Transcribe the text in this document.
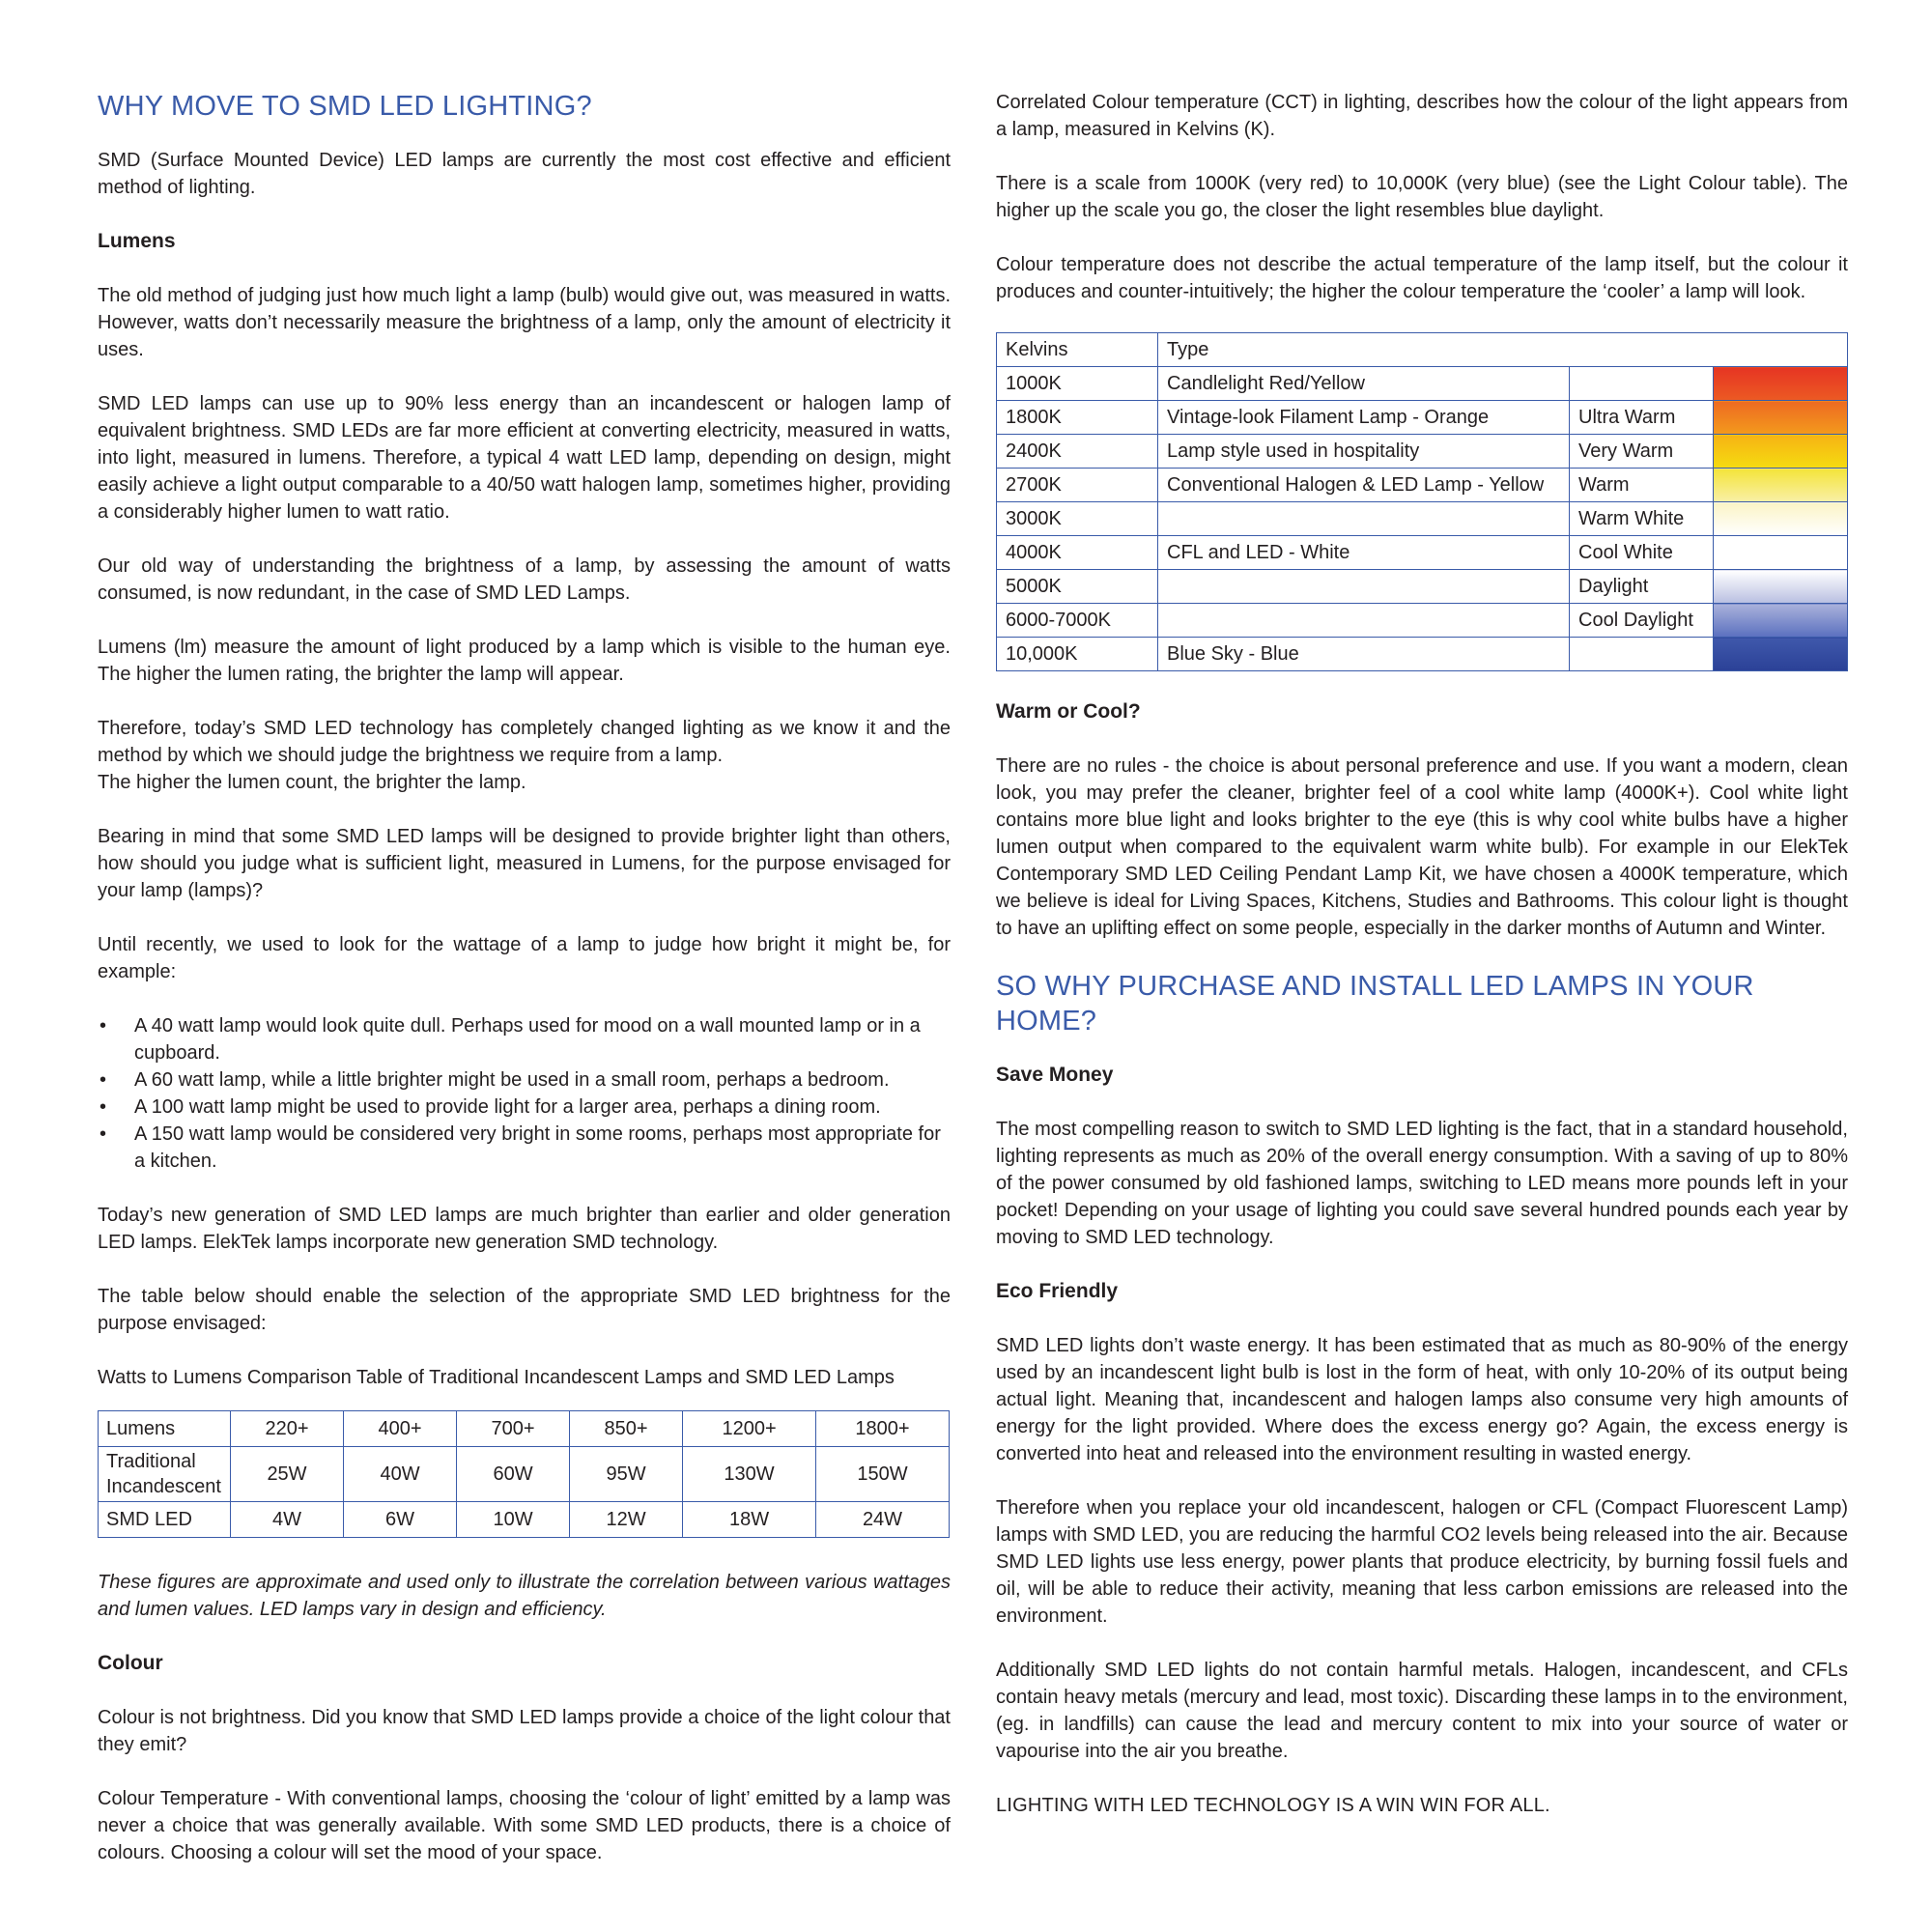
WHY MOVE TO SMD LED LIGHTING?

SMD (Surface Mounted Device) LED lamps are currently the most cost effective and efficient method of lighting.

Lumens

The old method of judging just how much light a lamp (bulb) would give out, was measured in watts. However, watts don’t necessarily measure the brightness of a lamp, only the amount of electricity it uses.

SMD LED lamps can use up to 90% less energy than an incandescent or halogen lamp of equivalent brightness. SMD LEDs are far more efficient at converting electricity, measured in watts, into light, measured in lumens. Therefore, a typical 4 watt LED lamp, depending on design, might easily achieve a light output comparable to a 40/50 watt halogen lamp, sometimes higher, providing a considerably higher lumen to watt ratio.

Our old way of understanding the brightness of a lamp, by assessing the amount of watts consumed, is now redundant, in the case of SMD LED Lamps.

Lumens (lm) measure the amount of light produced by a lamp which is visible to the human eye. The higher the lumen rating, the brighter the lamp will appear.

Therefore, today’s SMD LED technology has completely changed lighting as we know it and the method by which we should judge the brightness we require from a lamp.

The higher the lumen count, the brighter the lamp.

Bearing in mind that some SMD LED lamps will be designed to provide brighter light than others, how should you judge what is sufficient light, measured in Lumens, for the purpose envisaged for your lamp (lamps)?

Until recently, we used to look for the wattage of a lamp to judge how bright it might be, for example:

• A 40 watt lamp would look quite dull. Perhaps used for mood on a wall mounted lamp or in a cupboard.
• A 60 watt lamp, while a little brighter might be used in a small room, perhaps a bedroom.
• A 100 watt lamp might be used to provide light for a larger area, perhaps a dining room.
• A 150 watt lamp would be considered very bright in some rooms, perhaps most appropriate for a kitchen.

Today’s new generation of SMD LED lamps are much brighter than earlier and older generation LED lamps. ElekTek lamps incorporate new generation SMD technology.

The table below should enable the selection of the appropriate SMD LED brightness for the purpose envisaged:

Watts to Lumens Comparison Table of Traditional Incandescent Lamps and SMD LED Lamps
Lumens	220+	400+	700+	850+	1200+	1800+
Traditional Incandescent	25W	40W	60W	95W	130W	150W
SMD LED	4W	6W	10W	12W	18W	24W

These figures are approximate and used only to illustrate the correlation between various wattages and lumen values. LED lamps vary in design and efficiency.

Colour

Colour is not brightness. Did you know that SMD LED lamps provide a choice of the light colour that they emit?

Colour Temperature - With conventional lamps, choosing the ‘colour of light’ emitted by a lamp was never a choice that was generally available. With some SMD LED products, there is a choice of colours. Choosing a colour will set the mood of your space.

Correlated Colour temperature (CCT) in lighting, describes how the colour of the light appears from a lamp, measured in Kelvins (K).

There is a scale from 1000K (very red) to 10,000K (very blue) (see the Light Colour table). The higher up the scale you go, the closer the light resembles blue daylight.

Colour temperature does not describe the actual temperature of the lamp itself, but the colour it produces and counter-intuitively; the higher the colour temperature the ‘cooler’ a lamp will look.

Kelvins	Type		
1000K	Candlelight Red/Yellow		
1800K	Vintage-look Filament Lamp - Orange	Ultra Warm	
2400K	Lamp style used in hospitality	Very Warm	
2700K	Conventional Halogen & LED Lamp - Yellow	Warm	
3000K		Warm White	
4000K	CFL and LED - White	Cool White	
5000K		Daylight	
6000-7000K		Cool Daylight	
10,000K	Blue Sky - Blue		
Warm or Cool?

There are no rules - the choice is about personal preference and use. If you want a modern, clean look, you may prefer the cleaner, brighter feel of a cool white lamp (4000K+). Cool white light contains more blue light and looks brighter to the eye (this is why cool white bulbs have a higher lumen output when compared to the equivalent warm white bulb). For example in our ElekTek Contemporary SMD LED Ceiling Pendant Lamp Kit, we have chosen a 4000K temperature, which we believe is ideal for Living Spaces, Kitchens, Studies and Bathrooms. This colour light is thought to have an uplifting effect on some people, especially in the darker months of Autumn and Winter.

SO WHY PURCHASE AND INSTALL LED LAMPS IN YOUR HOME?
Save Money

The most compelling reason to switch to SMD LED lighting is the fact, that in a standard household, lighting represents as much as 20% of the overall energy consumption. With a saving of up to 80% of the power consumed by old fashioned lamps, switching to LED means more pounds left in your pocket! Depending on your usage of lighting you could save several hundred pounds each year by moving to SMD LED technology.

Eco Friendly

SMD LED lights don’t waste energy. It has been estimated that as much as 80-90% of the energy used by an incandescent light bulb is lost in the form of heat, with only 10-20% of its output being actual light. Meaning that, incandescent and halogen lamps also consume very high amounts of energy for the light provided. Where does the excess energy go? Again, the excess energy is converted into heat and released into the environment resulting in wasted energy.

Therefore when you replace your old incandescent, halogen or CFL (Compact Fluorescent Lamp) lamps with SMD LED, you are reducing the harmful CO2 levels being released into the air. Because SMD LED lights use less energy, power plants that produce electricity, by burning fossil fuels and oil, will be able to reduce their activity, meaning that less carbon emissions are released into the environment.

Additionally SMD LED lights do not contain harmful metals. Halogen, incandescent, and CFLs contain heavy metals (mercury and lead, most toxic). Discarding these lamps in to the environment, (eg. in landfills) can cause the lead and mercury content to mix into your source of water or vapourise into the air you breathe.

LIGHTING WITH LED TECHNOLOGY IS A WIN WIN FOR ALL.
